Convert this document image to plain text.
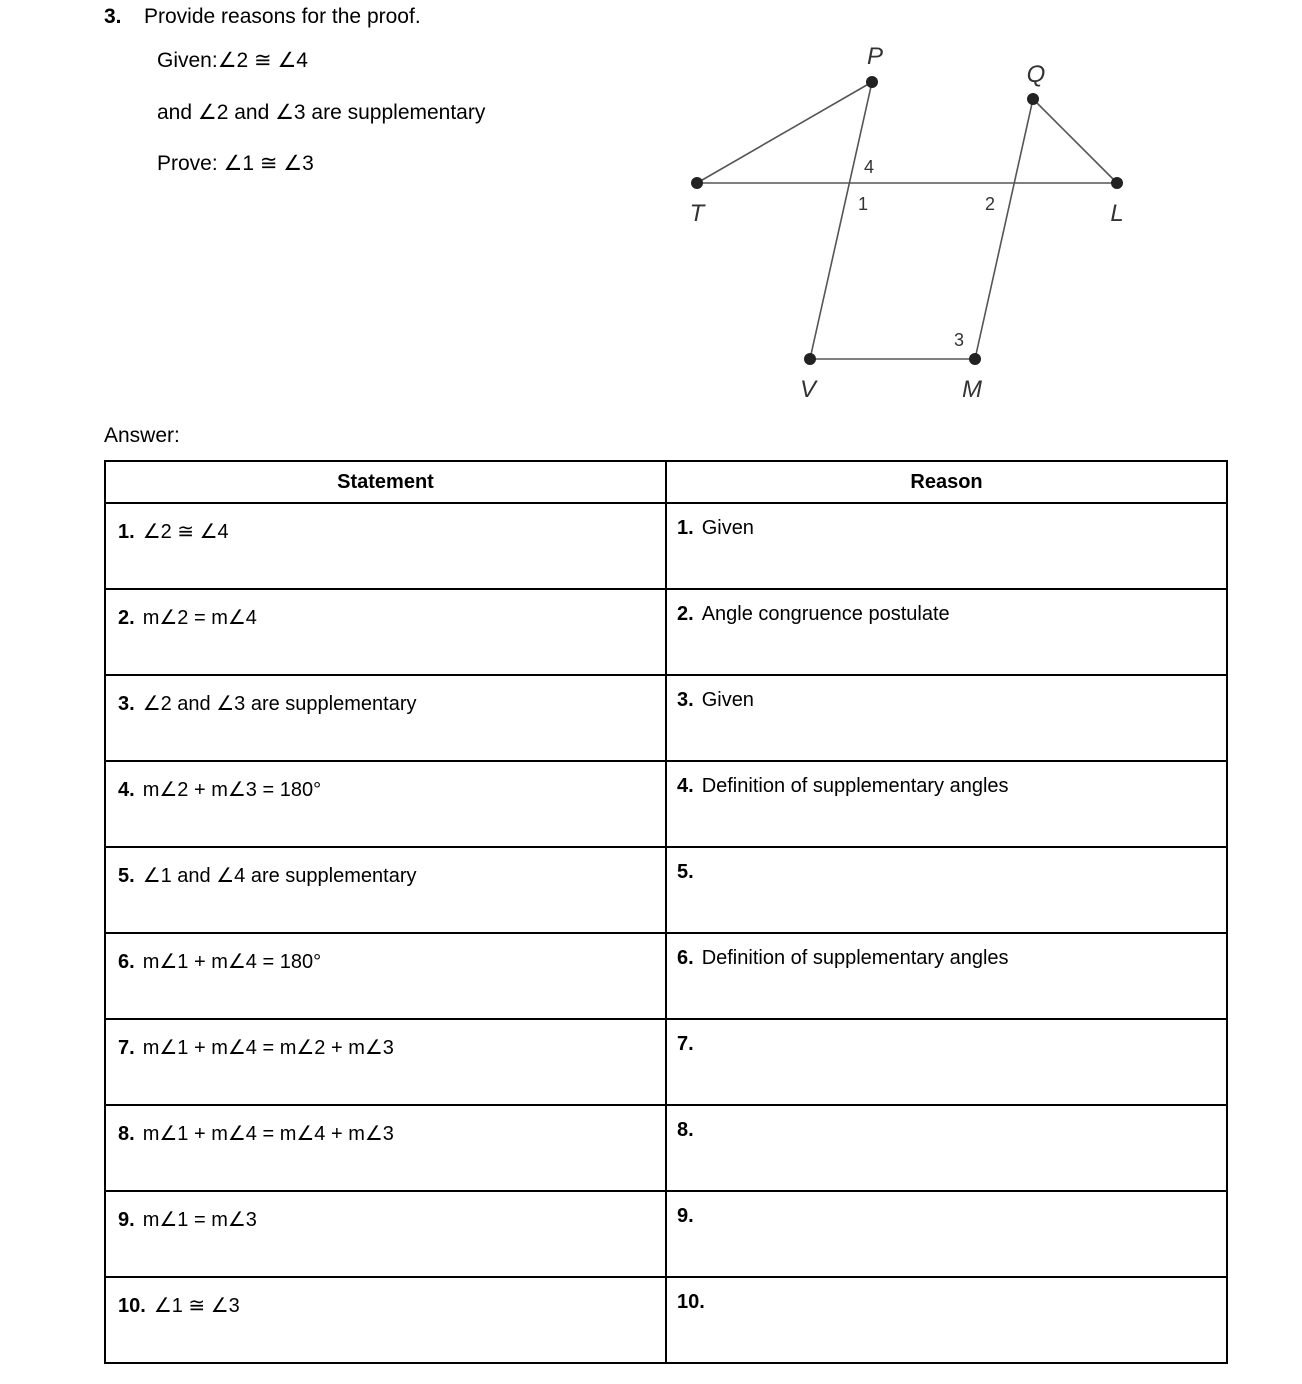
3. Provide reasons for the proof.
Given:∠2 ≅ ∠4
and ∠2 and ∠3 are supplementary
Prove: ∠1 ≅ ∠3
P
Q
T	L
V	M
4
1	2
3
Answer:
Statement	Reason

1. ∠2 ≅ ∠4	1. Given

2. m∠2 = m∠4	2. Angle congruence postulate

3. ∠2 and ∠3 are supplementary	3. Given

4. m∠2 + m∠3 = 180°	4. Definition of supplementary angles

5. ∠1 and ∠4 are supplementary	5.

6. m∠1 + m∠4 = 180°	6. Definition of supplementary angles

7. m∠1 + m∠4 = m∠2 + m∠3	7.

8. m∠1 + m∠4 = m∠4 + m∠3	8.

9. m∠1 = m∠3	9.

10. ∠1 ≅ ∠3	10.
